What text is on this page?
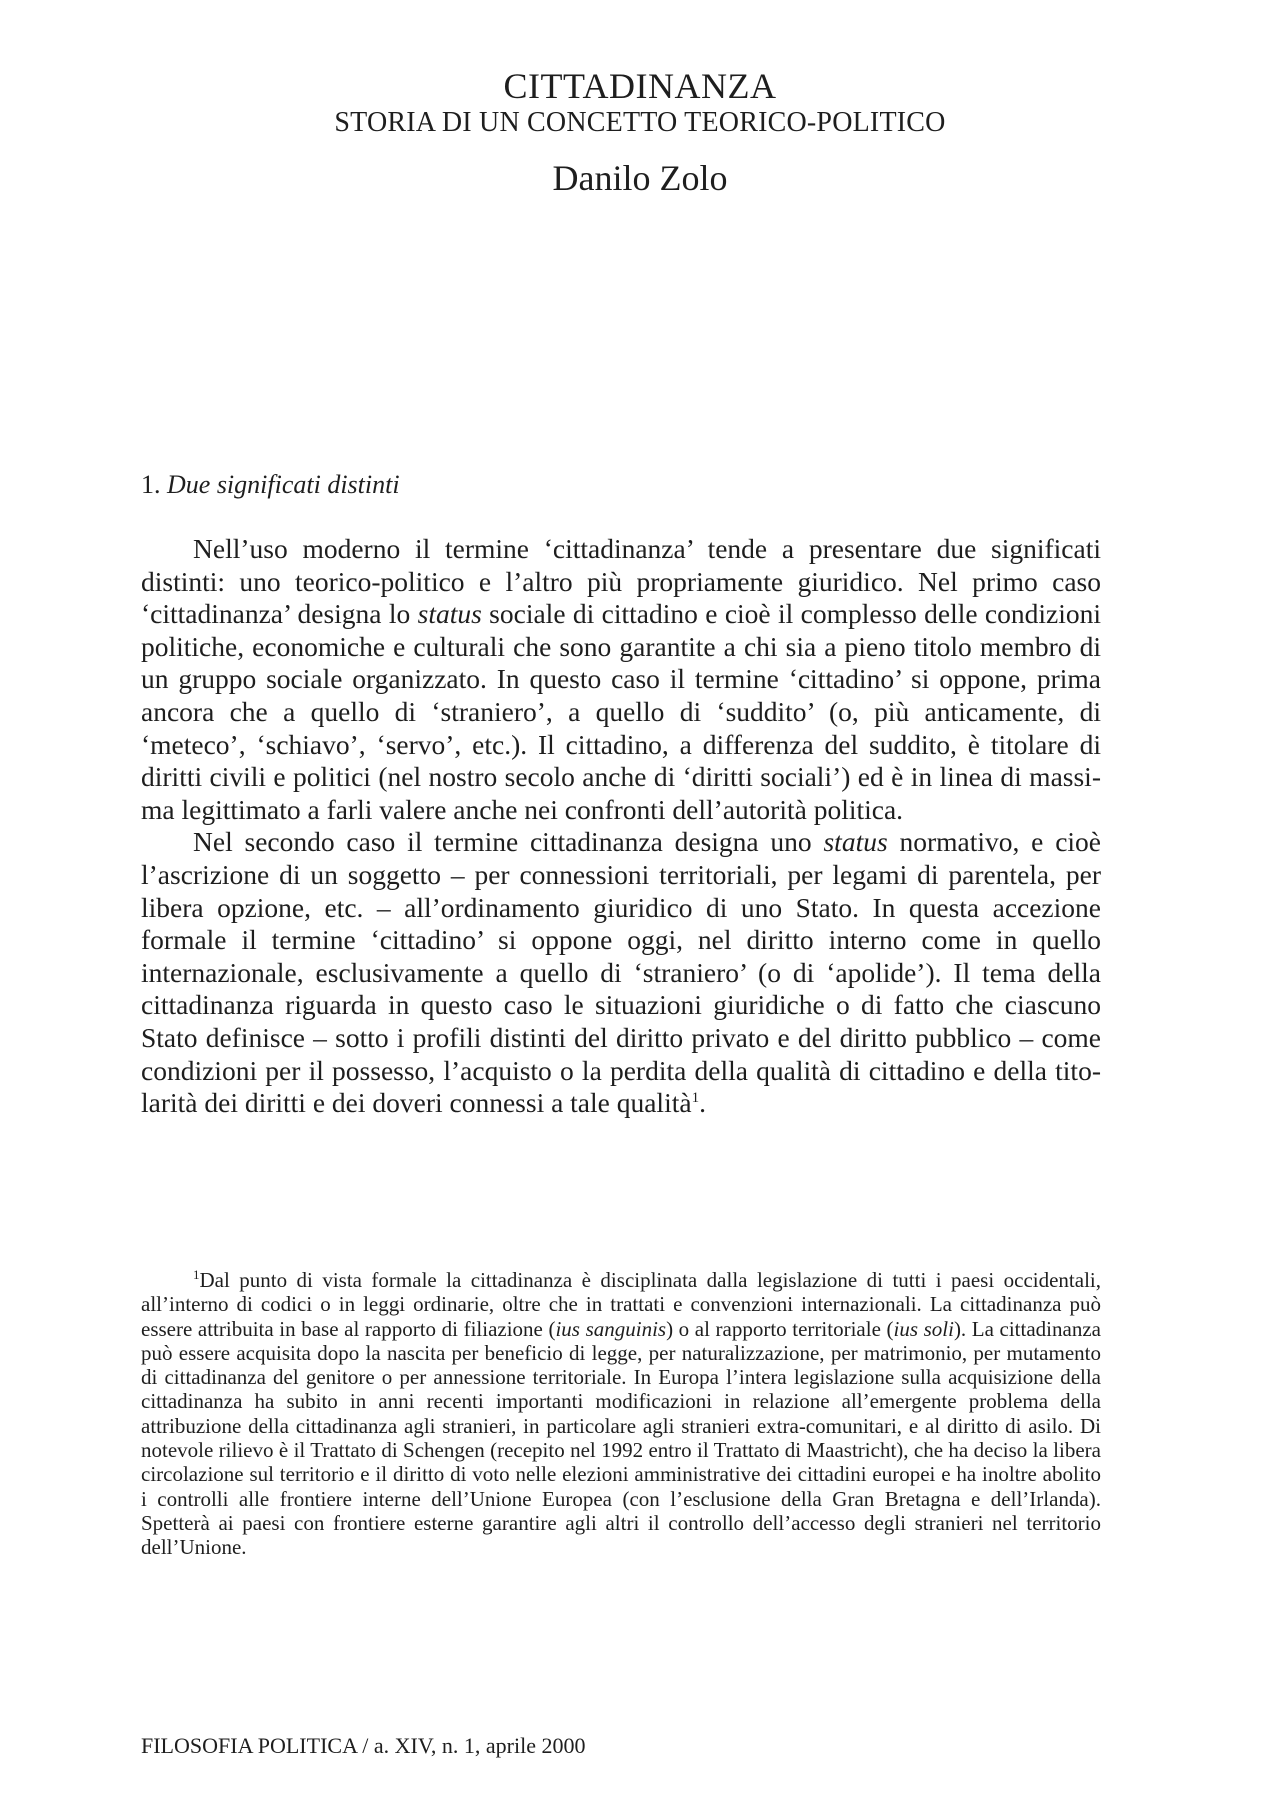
CITTADINANZA
STORIA DI UN CONCETTO TEORICO-POLITICO
Danilo Zolo
1. Due significati distinti

Nell’uso moderno il termine ‘cittadinanza’ tende a presentare due significati distinti: uno teorico-politico e l’altro più propriamente giuridico. Nel primo caso ‘cittadinanza’ designa lo status sociale di cittadino e cioè il complesso delle condizioni politiche, economiche e culturali che sono garantite a chi sia a pieno titolo membro di un gruppo sociale organizzato. In questo caso il termine ‘cittadino’ si oppone, prima ancora che a quello di ‘straniero’, a quello di ‘suddito’ (o, più anticamente, di ‘meteco’, ‘schiavo’, ‘servo’, etc.). Il cittadino, a differenza del suddito, è titolare di diritti civili e politici (nel nostro secolo anche di ‘diritti sociali’) ed è in linea di massima legittimato a farli valere anche nei confronti dell’autorità politica.

Nel secondo caso il termine cittadinanza designa uno status normativo, e cioè l’ascrizione di un soggetto – per connessioni territoriali, per legami di parentela, per libera opzione, etc. – all’ordinamento giuridico di uno Stato. In questa accezione formale il termine ‘cittadino’ si oppone oggi, nel diritto interno come in quello internazionale, esclusivamente a quello di ‘straniero’ (o di ‘apolide’). Il tema della cittadinanza riguarda in questo caso le situazioni giuridiche o di fatto che ciascuno Stato definisce – sotto i profili distinti del diritto privato e del diritto pubblico – come condizioni per il possesso, l’acquisto o la perdita della qualità di cittadino e della titolarità dei diritti e dei doveri connessi a tale qualità$^1$.

$^1$Dal punto di vista formale la cittadinanza è disciplinata dalla legislazione di tutti i paesi occidentali, all’interno di codici o in leggi ordinarie, oltre che in trattati e convenzioni internazionali. La cittadinanza può essere attribuita in base al rapporto di filiazione (ius sanguinis) o al rapporto territoriale (ius soli). La cittadinanza può essere acquisita dopo la nascita per beneficio di legge, per naturalizzazione, per matrimonio, per mutamento di cittadinanza del genitore o per annessione territoriale. In Europa l’intera legislazione sulla acquisizione della cittadinanza ha subito in anni recenti importanti modificazioni in relazione all’emergente problema della attribuzione della cittadinanza agli stranieri, in particolare agli stranieri extra-comunitari, e al diritto di asilo. Di notevole rilievo è il Trattato di Schengen (recepito nel 1992 entro il Trattato di Maastricht), che ha deciso la libera circolazione sul territorio e il diritto di voto nelle elezioni amministrative dei cittadini europei e ha inoltre abolito i controlli alle frontiere interne dell’Unione Europea (con l’esclusione della Gran Bretagna e dell’Irlanda). Spetterà ai paesi con frontiere esterne garantire agli altri il controllo dell’accesso degli stranieri nel territorio dell’Unione.

FILOSOFIA POLITICA / a. XIV, n. 1, aprile 2000
